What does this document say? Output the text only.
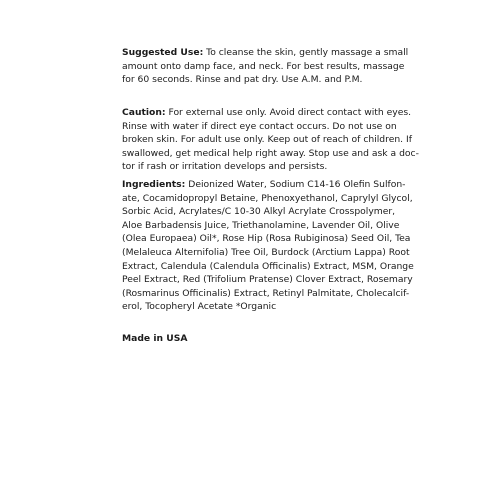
Suggested Use: To cleanse the skin, gently massage a small
amount onto damp face, and neck. For best results, massage
for 60 seconds. Rinse and pat dry. Use A.M. and P.M.

Caution: For external use only. Avoid direct contact with eyes.
Rinse with water if direct eye contact occurs. Do not use on
broken skin. For adult use only. Keep out of reach of children. If
swallowed, get medical help right away. Stop use and ask a doc-
tor if rash or irritation develops and persists.

Ingredients: Deionized Water, Sodium C14-16 Olefin Sulfon-
ate, Cocamidopropyl Betaine, Phenoxyethanol, Caprylyl Glycol,
Sorbic Acid, Acrylates/C 10-30 Alkyl Acrylate Crosspolymer,
Aloe Barbadensis Juice, Triethanolamine, Lavender Oil, Olive
(Olea Europaea) Oil*, Rose Hip (Rosa Rubiginosa) Seed Oil, Tea
(Melaleuca Alternifolia) Tree Oil, Burdock (Arctium Lappa) Root
Extract, Calendula (Calendula Officinalis) Extract, MSM, Orange
Peel Extract, Red (Trifolium Pratense) Clover Extract, Rosemary
(Rosmarinus Officinalis) Extract, Retinyl Palmitate, Cholecalcif-
erol, Tocopheryl Acetate *Organic

Made in USA
